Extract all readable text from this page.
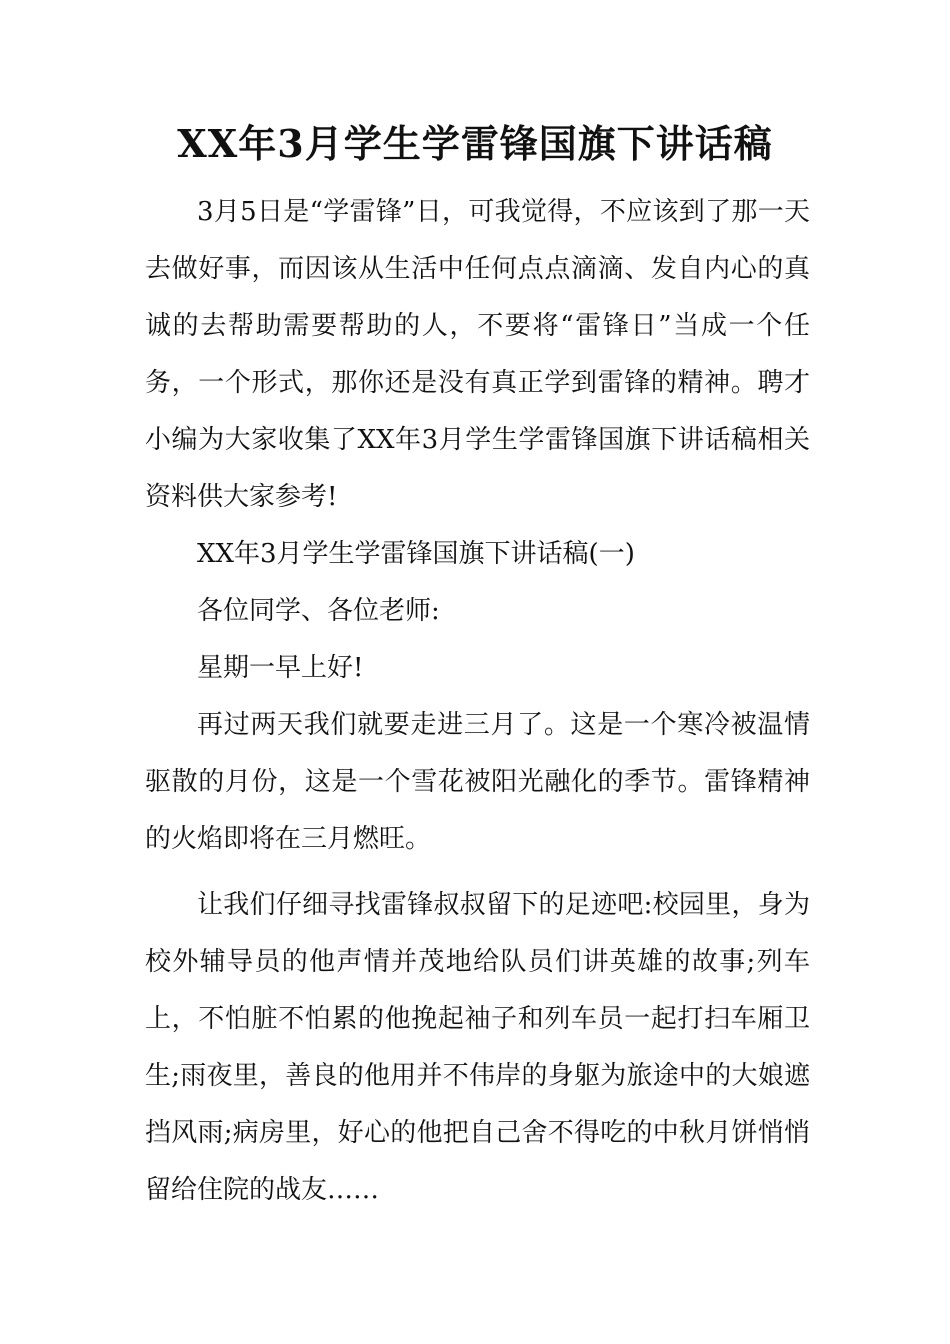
XX年3月学生学雷锋国旗下讲话稿

3月5日是“学雷锋”日，可我觉得，不应该到了那一天去做好事，而因该从生活中任何点点滴滴、发自内心的真诚的去帮助需要帮助的人，不要将“雷锋日”当成一个任务，一个形式，那你还是没有真正学到雷锋的精神。聘才小编为大家收集了XX年3月学生学雷锋国旗下讲话稿相关资料供大家参考!

XX年3月学生学雷锋国旗下讲话稿(一)

各位同学、各位老师:

星期一早上好!

再过两天我们就要走进三月了。这是一个寒冷被温情驱散的月份，这是一个雪花被阳光融化的季节。雷锋精神的火焰即将在三月燃旺。

让我们仔细寻找雷锋叔叔留下的足迹吧:校园里，身为校外辅导员的他声情并茂地给队员们讲英雄的故事;列车上，不怕脏不怕累的他挽起袖子和列车员一起打扫车厢卫生;雨夜里，善良的他用并不伟岸的身躯为旅途中的大娘遮挡风雨;病房里，好心的他把自己舍不得吃的中秋月饼悄悄留给住院的战友……
